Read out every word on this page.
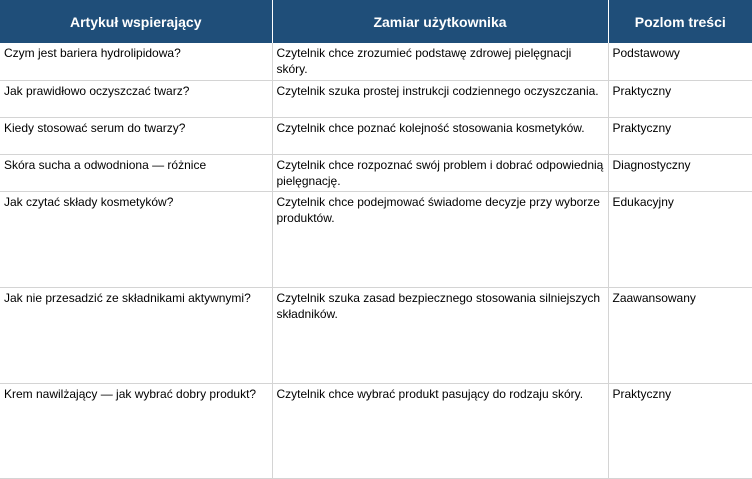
Artykuł wspierający	Zamiar użytkownika	Pozlom treści
Czym jest bariera hydrolipidowa?	Czytelnik chce zrozumieć podstawę zdrowej pielęgnacji skóry.	Podstawowy
Jak prawidłowo oczyszczać twarz?	Czytelnik szuka prostej instrukcji codziennego oczyszczania.	Praktyczny
Kiedy stosować serum do twarzy?	Czytelnik chce poznać kolejność stosowania kosmetyków.	Praktyczny
Skóra sucha a odwodniona — różnice	Czytelnik chce rozpoznać swój problem i dobrać odpowiednią pielęgnację.	Diagnostyczny
Jak czytać składy kosmetyków?	Czytelnik chce podejmować świadome decyzje przy wyborze produktów.	Edukacyjny
Jak nie przesadzić ze składnikami aktywnymi?	Czytelnik szuka zasad bezpiecznego stosowania silniejszych składników.	Zaawansowany
Krem nawilżający — jak wybrać dobry produkt?	Czytelnik chce wybrać produkt pasujący do rodzaju skóry.	Praktyczny
